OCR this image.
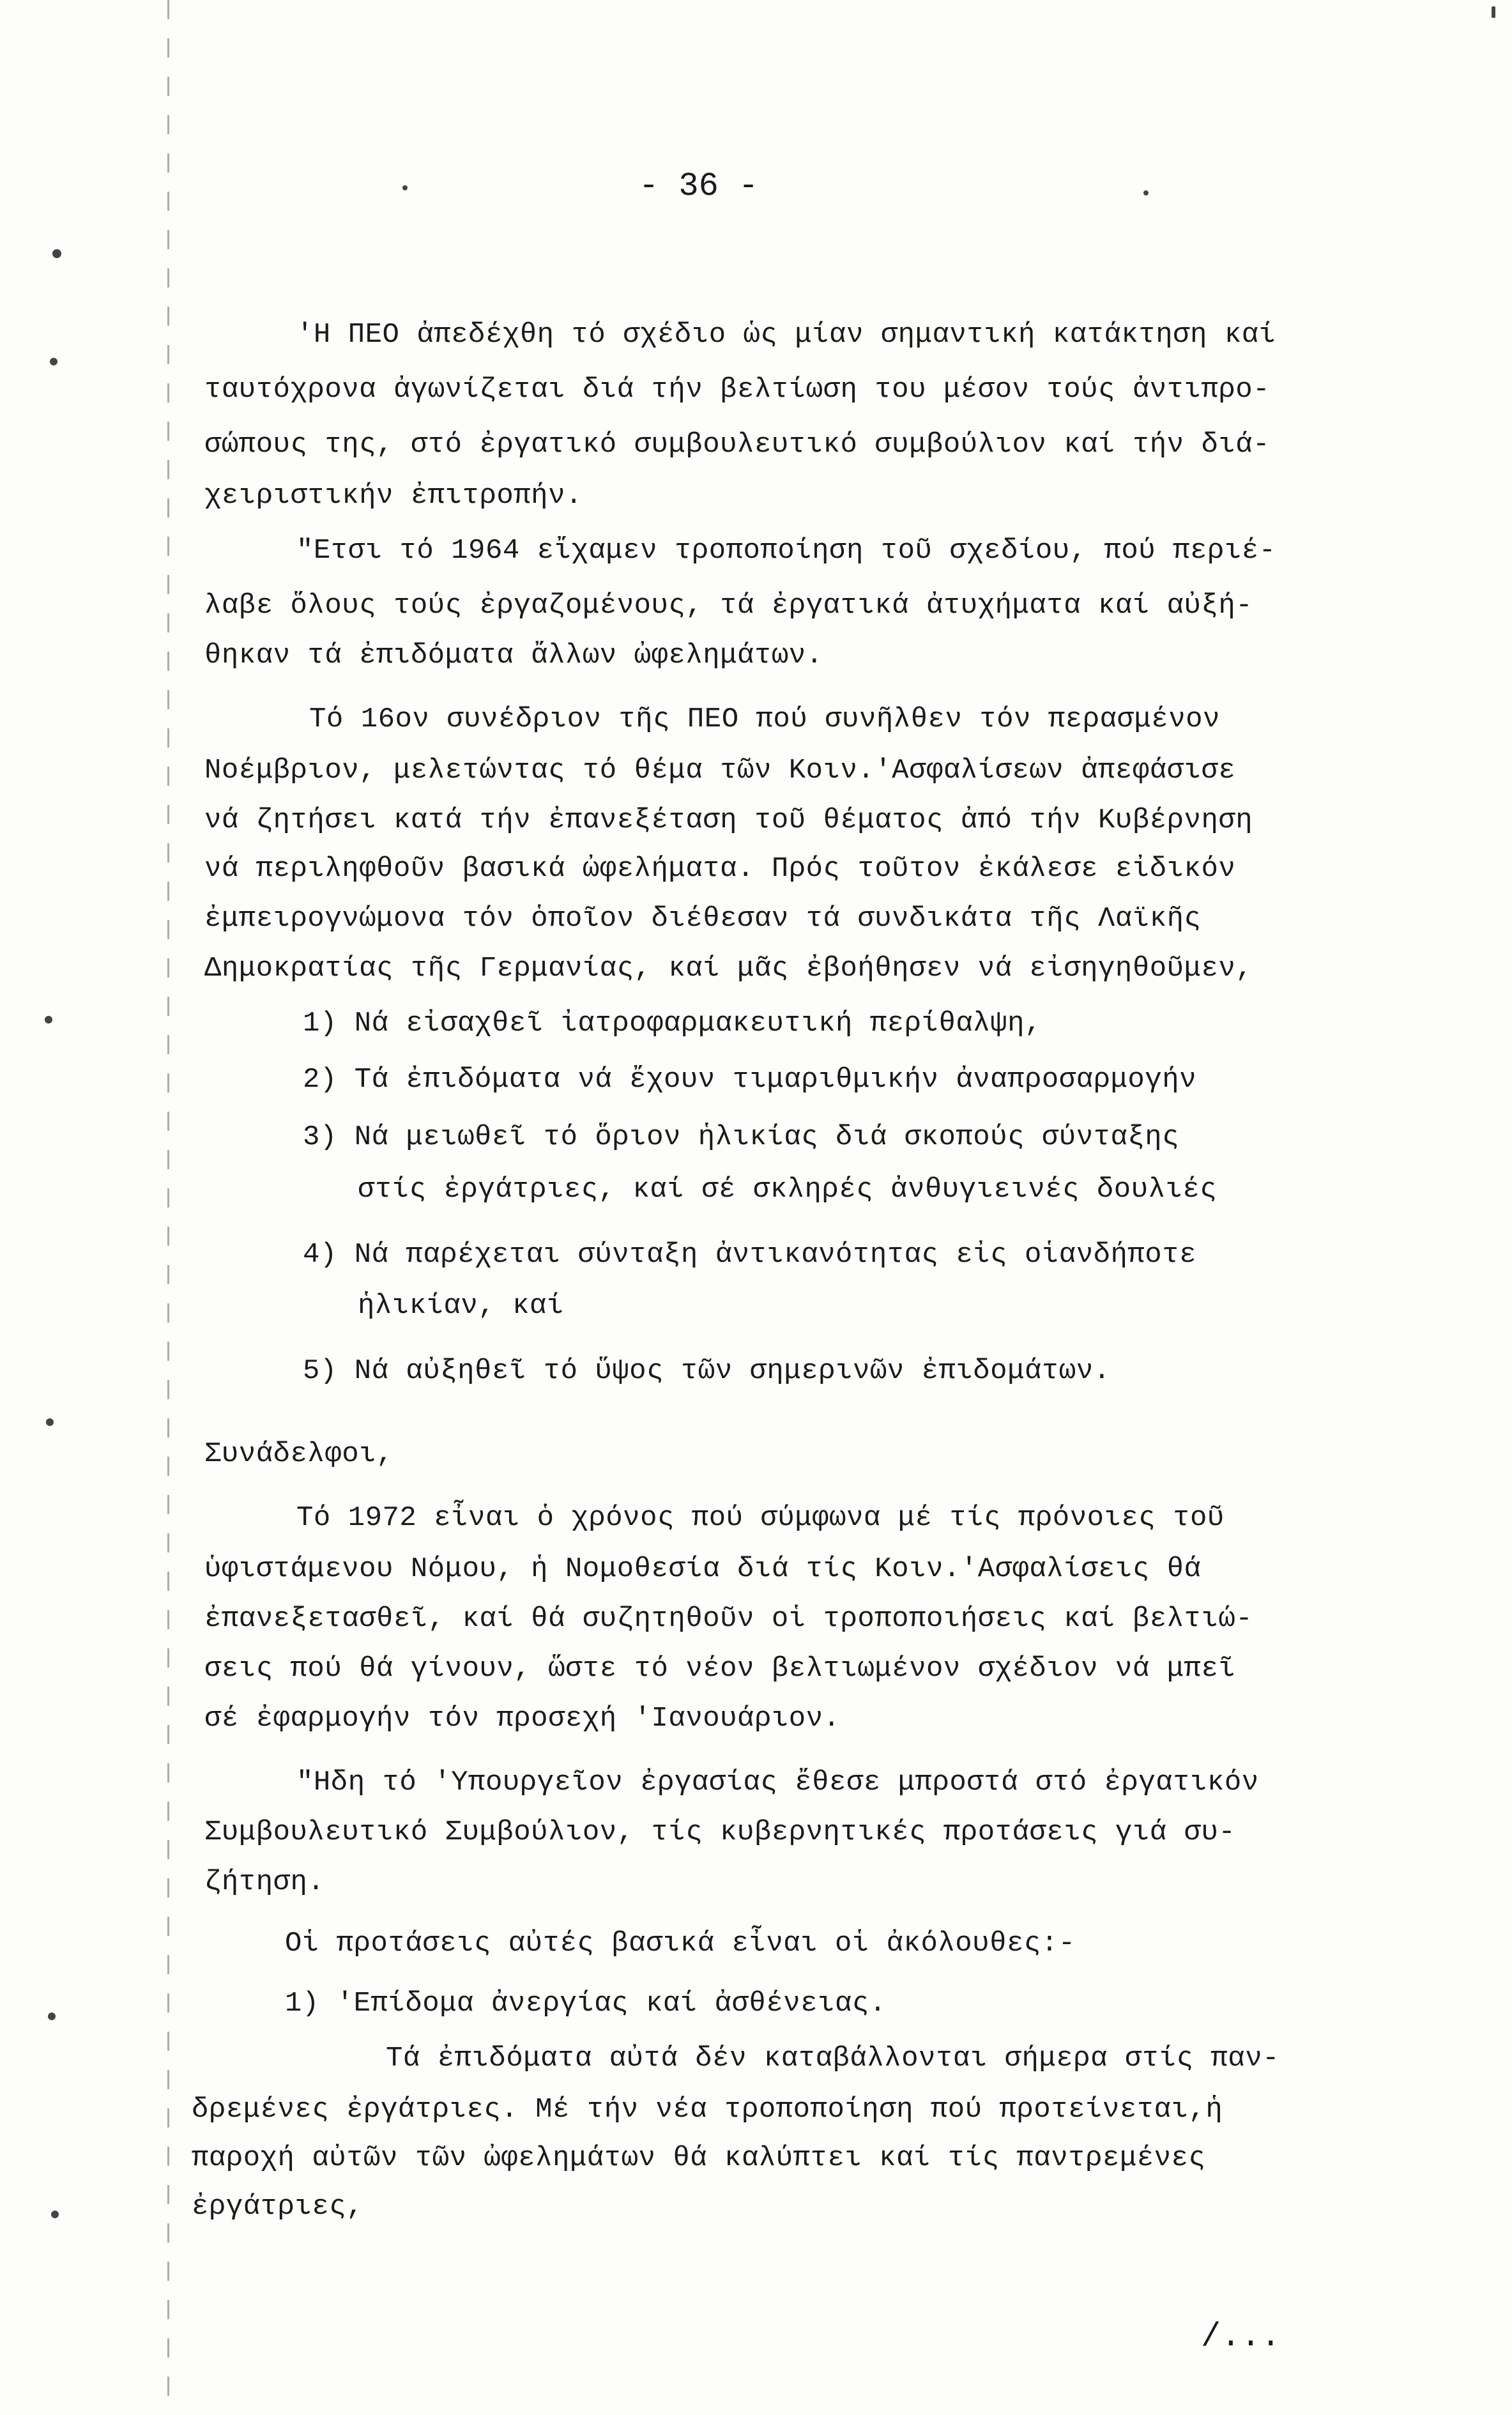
- 36 -
'Η ΠΕΟ ἀπεδέχθη τό σχέδιο ὡς μίαν σημαντική κατάκτηση καί
ταυτόχρονα ἀγωνίζεται διά τήν βελτίωση του μέσον τούς ἀντιπρο-
σώπους της, στό ἐργατικό συμβουλευτικό συμβούλιον καί τήν διά-
χειριστικήν ἐπιτροπήν.
"Ετσι τό 1964 εἴχαμεν τροποποίηση τοῦ σχεδίου, πού περιέ-
λαβε ὅλους τούς ἐργαζομένους, τά ἐργατικά ἀτυχήματα καί αὐξή-
θηκαν τά ἐπιδόματα ἄλλων ὠφελημάτων.
Τό 16ον συνέδριον τῆς ΠΕΟ πού συνῆλθεν τόν περασμένον
Νοέμβριον, μελετώντας τό θέμα τῶν Κοιν.'Ασφαλίσεων ἀπεφάσισε
νά ζητήσει κατά τήν ἐπανεξέταση τοῦ θέματος ἀπό τήν Κυβέρνηση
νά περιληφθοῦν βασικά ὠφελήματα. Πρός τοῦτον ἐκάλεσε εἰδικόν
ἐμπειρογνώμονα τόν ὁποῖον διέθεσαν τά συνδικάτα τῆς Λαϊκῆς
Δημοκρατίας τῆς Γερμανίας, καί μᾶς ἐβοήθησεν νά εἰσηγηθοῦμεν,
1) Νά εἰσαχθεῖ ἰατροφαρμακευτική περίθαλψη,
2) Τά ἐπιδόματα νά ἔχουν τιμαριθμικήν ἀναπροσαρμογήν
3) Νά μειωθεῖ τό ὅριον ἡλικίας διά σκοπούς σύνταξης
στίς ἐργάτριες, καί σέ σκληρές ἀνθυγιεινές δουλιές
4) Νά παρέχεται σύνταξη ἀντικανότητας εἰς οἱανδήποτε
ἡλικίαν, καί
5) Νά αὐξηθεῖ τό ὕψος τῶν σημερινῶν ἐπιδομάτων.
Συνάδελφοι,
Τό 1972 εἶναι ὁ χρόνος πού σύμφωνα μέ τίς πρόνοιες τοῦ
ὑφιστάμενου Νόμου, ἡ Νομοθεσία διά τίς Κοιν.'Ασφαλίσεις θά
ἐπανεξετασθεῖ, καί θά συζητηθοῦν οἱ τροποποιήσεις καί βελτιώ-
σεις πού θά γίνουν, ὥστε τό νέον βελτιωμένον σχέδιον νά μπεῖ
σέ ἐφαρμογήν τόν προσεχή 'Ιανουάριον.
"Ηδη τό 'Υπουργεῖον ἐργασίας ἔθεσε μπροστά στό ἐργατικόν
Συμβουλευτικό Συμβούλιον, τίς κυβερνητικές προτάσεις γιά συ-
ζήτηση.
Οἱ προτάσεις αὐτές βασικά εἶναι οἱ ἀκόλουθες:-
1) 'Επίδομα ἀνεργίας καί ἀσθένειας.
Τά ἐπιδόματα αὐτά δέν καταβάλλονται σήμερα στίς παν-
δρεμένες ἐργάτριες. Μέ τήν νέα τροποποίηση πού προτείνεται,ἡ
παροχή αὐτῶν τῶν ὠφελημάτων θά καλύπτει καί τίς παντρεμένες
ἐργάτριες,
/...
